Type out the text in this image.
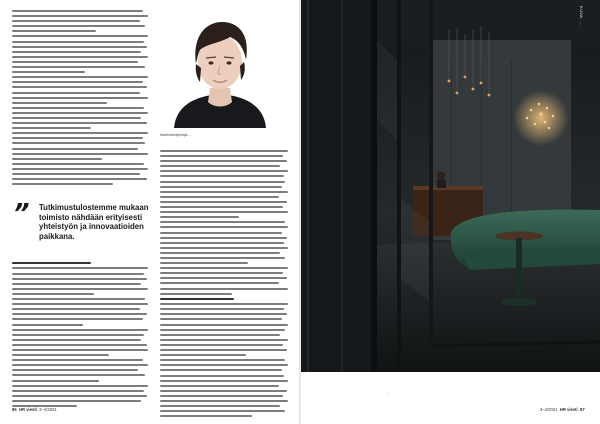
” Tutkimustulostemme mukaan toimisto nähdään erityisesti yhteistyön ja innovaatioiden paikkana.

Markkinointijohtaja ...
86 HR viesti 3–4/2021
KUVA: ...
...
3–4/2021 HR viesti 87
